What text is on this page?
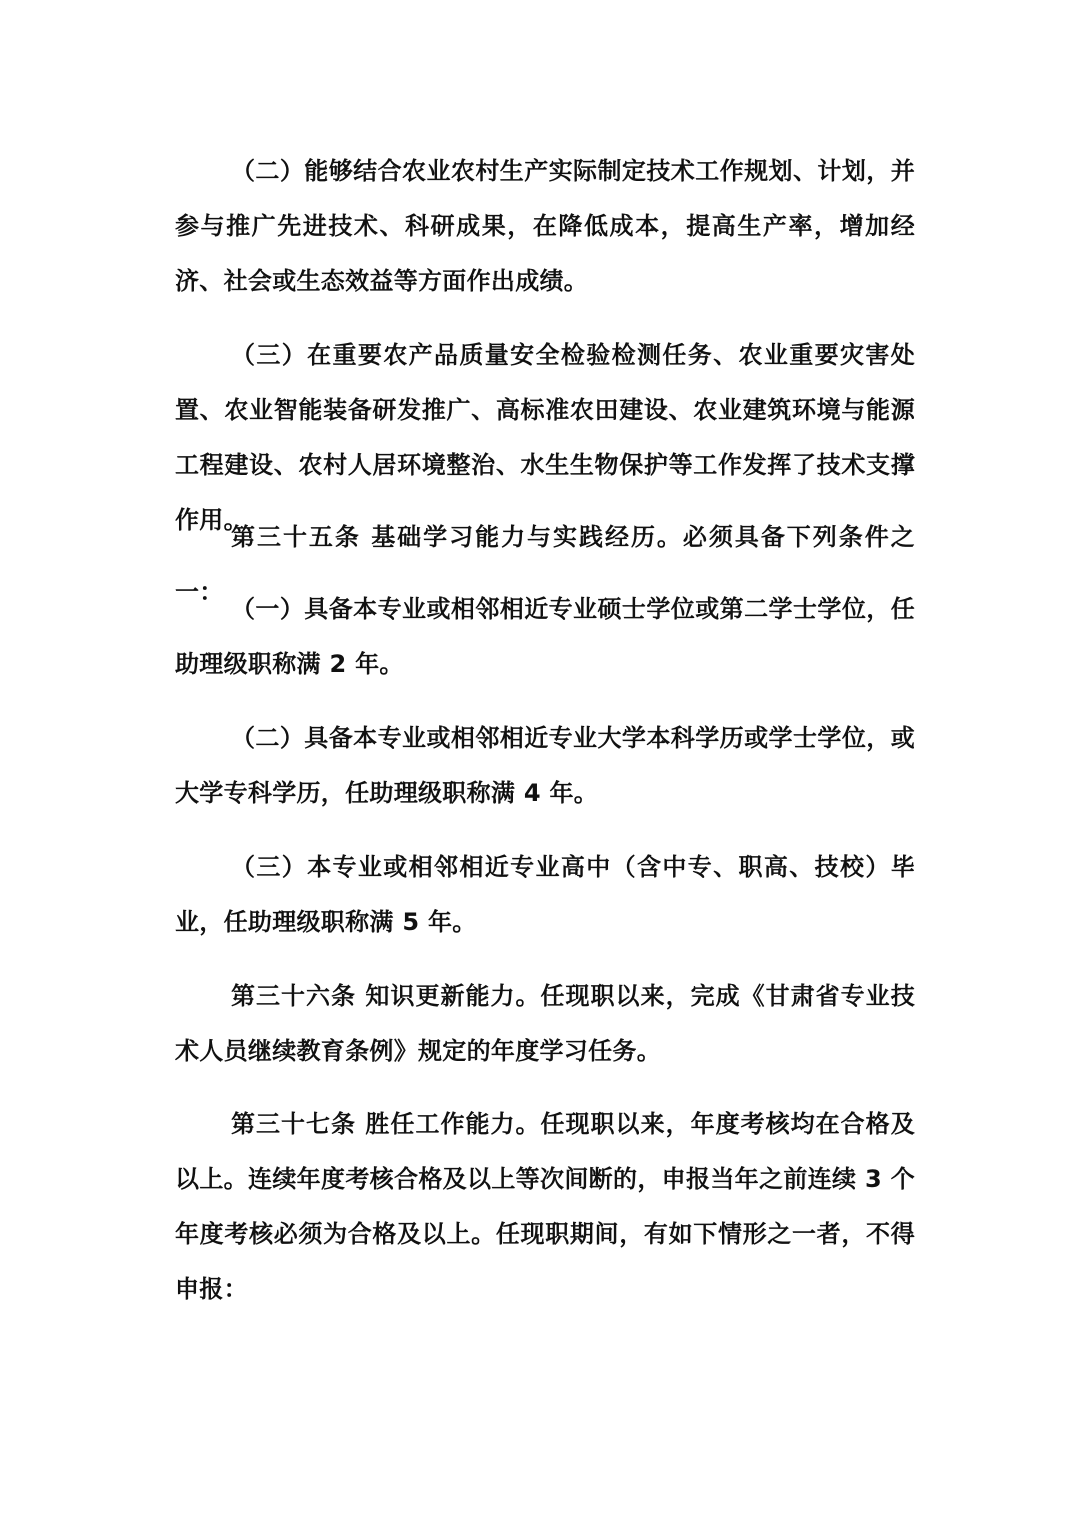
（二）能够结合农业农村生产实际制定技术工作规划、计划，并参与推广先进技术、科研成果，在降低成本，提高生产率，增加经济、社会或生态效益等方面作出成绩。

（三）在重要农产品质量安全检验检测任务、农业重要灾害处置、农业智能装备研发推广、高标准农田建设、农业建筑环境与能源工程建设、农村人居环境整治、水生生物保护等工作发挥了技术支撑作用。

第三十五条 基础学习能力与实践经历。必须具备下列条件之一：

（一）具备本专业或相邻相近专业硕士学位或第二学士学位，任助理级职称满 2 年。

（二）具备本专业或相邻相近专业大学本科学历或学士学位，或大学专科学历，任助理级职称满 4 年。

（三）本专业或相邻相近专业高中（含中专、职高、技校）毕业，任助理级职称满 5 年。

第三十六条 知识更新能力。任现职以来，完成《甘肃省专业技术人员继续教育条例》规定的年度学习任务。

第三十七条 胜任工作能力。任现职以来，年度考核均在合格及以上。连续年度考核合格及以上等次间断的，申报当年之前连续 3 个年度考核必须为合格及以上。任现职期间，有如下情形之一者，不得申报：
